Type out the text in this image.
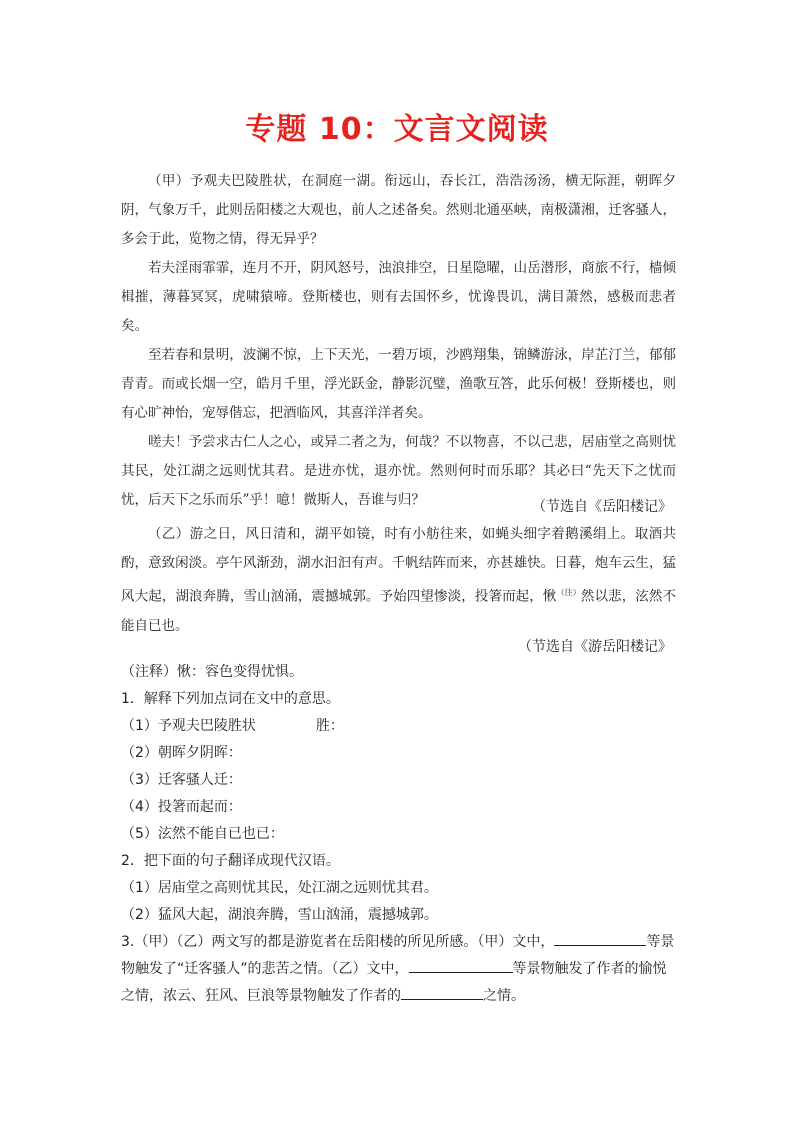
专题 10：文言文阅读

（甲）予观夫巴陵胜状，在洞庭一湖。衔远山，吞长江，浩浩汤汤，横无际涯，朝晖夕阴，气象万千，此则岳阳楼之大观也，前人之述备矣。然则北通巫峡，南极潇湘，迁客骚人，多会于此，览物之情，得无异乎？

若夫淫雨霏霏，连月不开，阴风怒号，浊浪排空，日星隐曜，山岳潜形，商旅不行，樯倾楫摧，薄暮冥冥，虎啸猿啼。登斯楼也，则有去国怀乡，忧谗畏讥，满目萧然，感极而悲者矣。

至若春和景明，波澜不惊，上下天光，一碧万顷，沙鸥翔集，锦鳞游泳，岸芷汀兰，郁郁青青。而或长烟一空，皓月千里，浮光跃金，静影沉璧，渔歌互答，此乐何极！登斯楼也，则有心旷神怡，宠辱偕忘，把酒临风，其喜洋洋者矣。

嗟夫！予尝求古仁人之心，或异二者之为，何哉？不以物喜，不以己悲，居庙堂之高则忧其民，处江湖之远则忧其君。是进亦忧，退亦忧。然则何时而乐耶？其必曰“先天下之忧而忧，后天下之乐而乐”乎！噫！微斯人，吾谁与归？	（节选自《岳阳楼记》

（乙）游之日，风日清和，湖平如镜，时有小舫往来，如蝇头细字着鹅溪绢上。取酒共酌，意致闲淡。亭午风渐劲，湖水汩汩有声。千帆结阵而来，亦甚雄快。日暮，炮车云生，猛风大起，湖浪奔腾，雪山汹涌，震撼城郭。予始四望惨淡，投箸而起，愀$^{(注)}$然以悲，泫然不能自已也。

（节选自《游岳阳楼记》
（注释）愀：容色变得忧惧。
1．解释下列加点词在文中的意思。
（1）予观夫巴陵胜状	胜：
（2）朝晖夕阴晖：
（3）迁客骚人迁：
（4）投箸而起而：
（5）泫然不能自已也已：
2．把下面的句子翻译成现代汉语。
（1）居庙堂之高则忧其民，处江湖之远则忧其君。
（2）猛风大起，湖浪奔腾，雪山汹涌，震撼城郭。
3.（甲）（乙）两文写的都是游览者在岳阳楼的所见所感。（甲）文中，	等景
物触发了“迁客骚人”的悲苦之情。（乙）文中，	等景物触发了作者的愉悦
之情，浓云、狂风、巨浪等景物触发了作者的	之情。
